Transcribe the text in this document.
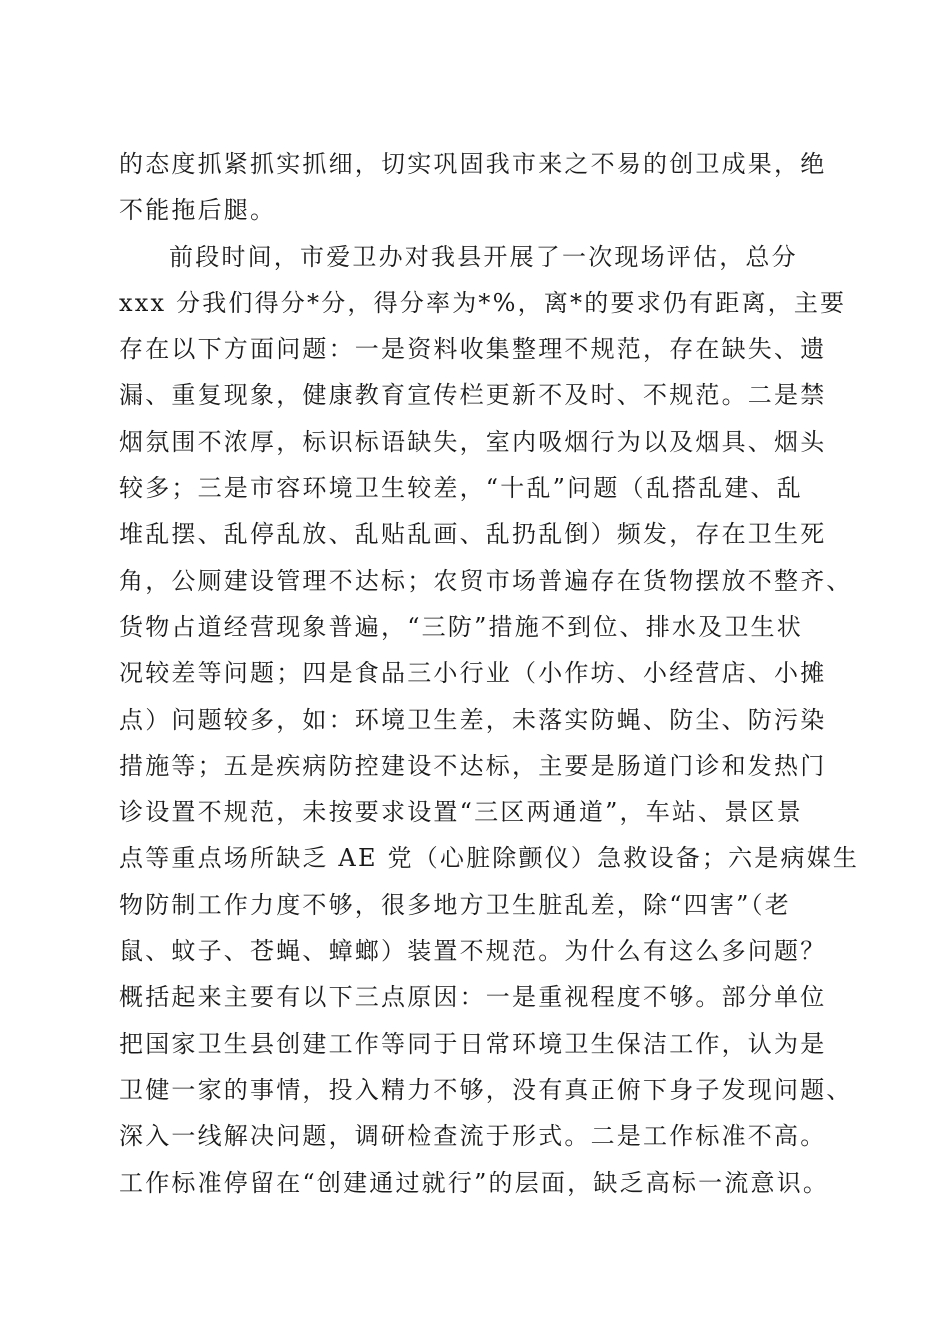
的态度抓紧抓实抓细，切实巩固我市来之不易的创卫成果，绝
不能拖后腿。
前段时间，市爱卫办对我县开展了一次现场评估，总分
xxx 分我们得分*分，得分率为*%，离*的要求仍有距离，主要
存在以下方面问题：一是资料收集整理不规范，存在缺失、遗
漏、重复现象，健康教育宣传栏更新不及时、不规范。二是禁
烟氛围不浓厚，标识标语缺失，室内吸烟行为以及烟具、烟头
较多；三是市容环境卫生较差，“十乱”问题（乱搭乱建、乱
堆乱摆、乱停乱放、乱贴乱画、乱扔乱倒）频发，存在卫生死
角，公厕建设管理不达标；农贸市场普遍存在货物摆放不整齐、
货物占道经营现象普遍，“三防”措施不到位、排水及卫生状
况较差等问题；四是食品三小行业（小作坊、小经营店、小摊
点）问题较多，如：环境卫生差，未落实防蝇、防尘、防污染
措施等；五是疾病防控建设不达标，主要是肠道门诊和发热门
诊设置不规范，未按要求设置“三区两通道”，车站、景区景
点等重点场所缺乏 AE 党（心脏除颤仪）急救设备；六是病媒生
物防制工作力度不够，很多地方卫生脏乱差，除“四害”（老
鼠、蚊子、苍蝇、蟑螂）装置不规范。为什么有这么多问题？
概括起来主要有以下三点原因：一是重视程度不够。部分单位
把国家卫生县创建工作等同于日常环境卫生保洁工作，认为是
卫健一家的事情，投入精力不够，没有真正俯下身子发现问题、
深入一线解决问题，调研检查流于形式。二是工作标准不高。
工作标准停留在“创建通过就行”的层面，缺乏高标一流意识。
